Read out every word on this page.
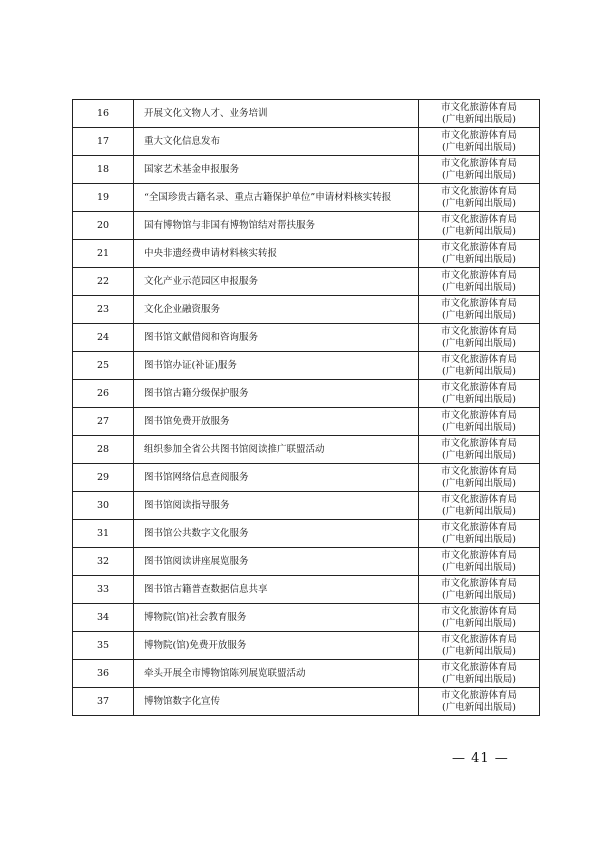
16	开展文化文物人才、业务培训	市文化旅游体育局
(广电新闻出版局)

17	重大文化信息发布	市文化旅游体育局
(广电新闻出版局)

18	国家艺术基金申报服务	市文化旅游体育局
(广电新闻出版局)

19	“全国珍贵古籍名录、重点古籍保护单位”申请材料核实转报	市文化旅游体育局
(广电新闻出版局)

20	国有博物馆与非国有博物馆结对帮扶服务	市文化旅游体育局
(广电新闻出版局)

21	中央非遗经费申请材料核实转报	市文化旅游体育局
(广电新闻出版局)

22	文化产业示范园区申报服务	市文化旅游体育局
(广电新闻出版局)

23	文化企业融资服务	市文化旅游体育局
(广电新闻出版局)

24	图书馆文献借阅和咨询服务	市文化旅游体育局
(广电新闻出版局)

25	图书馆办证(补证)服务	市文化旅游体育局
(广电新闻出版局)

26	图书馆古籍分级保护服务	市文化旅游体育局
(广电新闻出版局)

27	图书馆免费开放服务	市文化旅游体育局
(广电新闻出版局)

28	组织参加全省公共图书馆阅读推广联盟活动	市文化旅游体育局
(广电新闻出版局)

29	图书馆网络信息查阅服务	市文化旅游体育局
(广电新闻出版局)

30	图书馆阅读指导服务	市文化旅游体育局
(广电新闻出版局)

31	图书馆公共数字文化服务	市文化旅游体育局
(广电新闻出版局)

32	图书馆阅读讲座展览服务	市文化旅游体育局
(广电新闻出版局)

33	图书馆古籍普查数据信息共享	市文化旅游体育局
(广电新闻出版局)

34	博物院(馆)社会教育服务	市文化旅游体育局
(广电新闻出版局)

35	博物院(馆)免费开放服务	市文化旅游体育局
(广电新闻出版局)

36	牵头开展全市博物馆陈列展览联盟活动	市文化旅游体育局
(广电新闻出版局)

37	博物馆数字化宣传	市文化旅游体育局
(广电新闻出版局)
— 41 —
